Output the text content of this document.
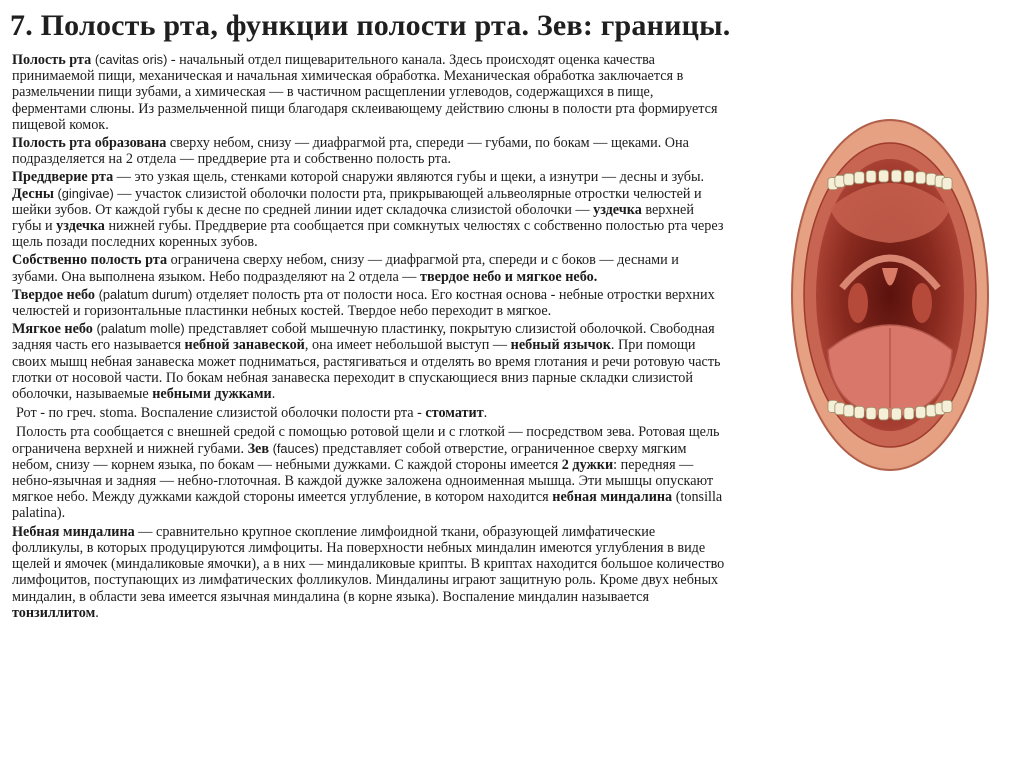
7. Полость рта, функции полости рта. Зев: границы.

Полость рта (cavitas oris) - начальный отдел пищеварительного канала. Здесь происходят оценка качества принимаемой пищи, механическая и начальная химическая обработка. Механическая обработка заключается в размельчении пищи зубами, а химическая — в частичном расщеплении углеводов, содержащихся в пище, ферментами слюны. Из размельченной пищи благодаря склеивающему действию слюны в полости рта формируется пищевой комок.

Полость рта образована сверху небом, снизу — диафрагмой рта, спереди — губами, по бокам — щеками. Она подразделяется на 2 отдела — преддверие рта и собственно полость рта.

Преддверие рта — это узкая щель, стенками которой снаружи являются губы и щеки, а изнутри — десны и зубы. Десны (gingivae) — участок слизистой оболочки полости рта, прикрывающей альвеолярные отростки челюстей и шейки зубов. От каждой губы к десне по средней линии идет складочка слизистой оболочки — уздечка верхней губы и уздечка нижней губы. Преддверие рта сообщается при сомкнутых челюстях с собственно полостью рта через щель позади последних коренных зубов.

Собственно полость рта ограничена сверху небом, снизу — диафрагмой рта, спереди и с боков — деснами и зубами. Она выполнена языком. Небо подразделяют на 2 отдела — твердое небо и мягкое небо.

Твердое небо (palatum durum) отделяет полость рта от полости носа. Его костная основа - небные отростки верхних челюстей и горизонтальные пластинки небных костей. Твердое небо переходит в мягкое.

Мягкое небо (palatum molle) представляет собой мышечную пластинку, покрытую слизистой оболочкой. Свободная задняя часть его называется небной занавеской, она имеет небольшой выступ — небный язычок. При помощи своих мышц небная занавеска может подниматься, растягиваться и отделять во время глотания и речи ротовую часть глотки от носовой части. По бокам небная занавеска переходит в спускающиеся вниз парные складки слизистой оболочки, называемые небными дужками.

Рот - по греч. stoma. Воспаление слизистой оболочки полости рта - стоматит.

Полость рта сообщается с внешней средой с помощью ротовой щели и с глоткой — посредством зева. Ротовая щель ограничена верхней и нижней губами. Зев (fauces) представляет собой отверстие, ограниченное сверху мягким небом, снизу — корнем языка, по бокам — небными дужками. С каждой стороны имеется 2 дужки: передняя — небно-язычная и задняя — небно-глоточная. В каждой дужке заложена одноименная мышца. Эти мышцы опускают мягкое небо. Между дужками каждой стороны имеется углубление, в котором находится небная миндалина (tonsilla palatina).

Небная миндалина — сравнительно крупное скопление лимфоидной ткани, образующей лимфатические фолликулы, в которых продуцируются лимфоциты. На поверхности небных миндалин имеются углубления в виде щелей и ямочек (миндаликовые ямочки), а в них — миндаликовые крипты. В криптах находится большое количество лимфоцитов, поступающих из лимфатических фолликулов. Миндалины играют защитную роль. Кроме двух небных миндалин, в области зева имеется язычная миндалина (в корне языка). Воспаление миндалин называется тонзиллитом.
